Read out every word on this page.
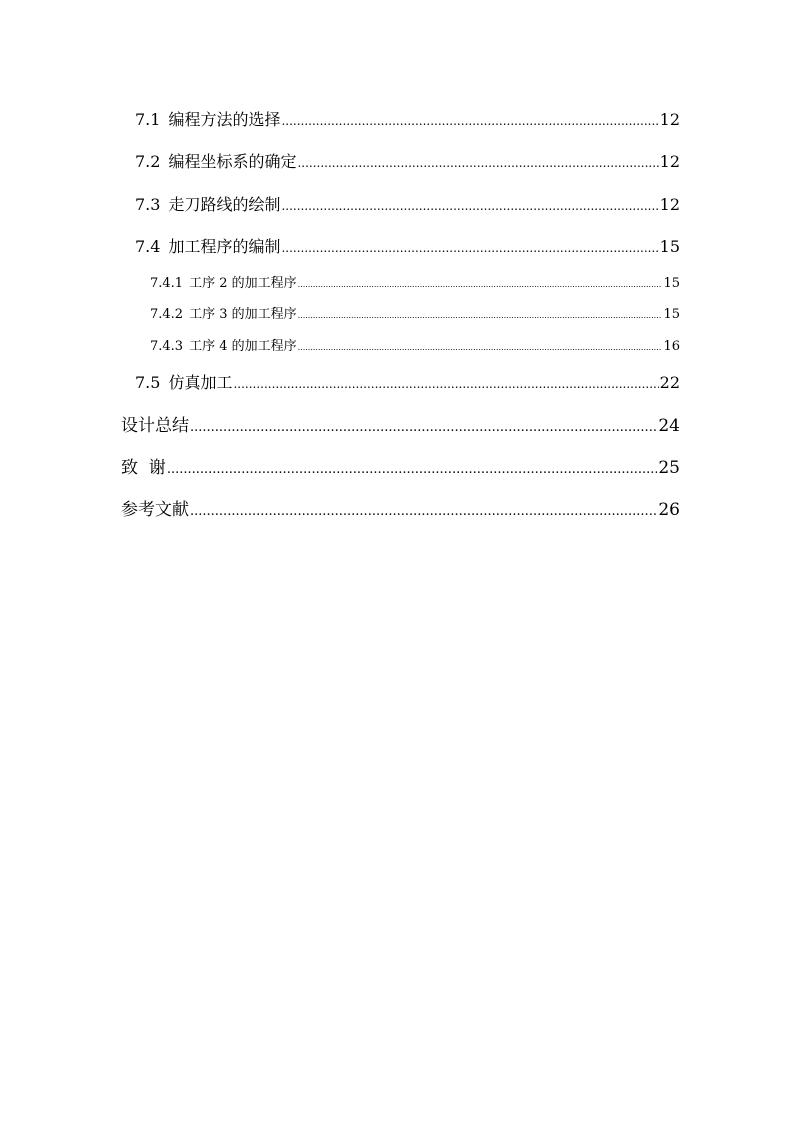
7.1 编程方法的选择 .....	12
7.2 编程坐标系的确定 .....	12
7.3 走刀路线的绘制 .....	12
7.4 加工程序的编制 .....	15
7.4.1 工序 2 的加工程序 .....	15
7.4.2 工序 3 的加工程序 .....	15
7.4.3 工序 4 的加工程序 .....	16
7.5 仿真加工 .....	22
设计总结 .....	24
致  谢 .....	25
参考文献 .....	26
